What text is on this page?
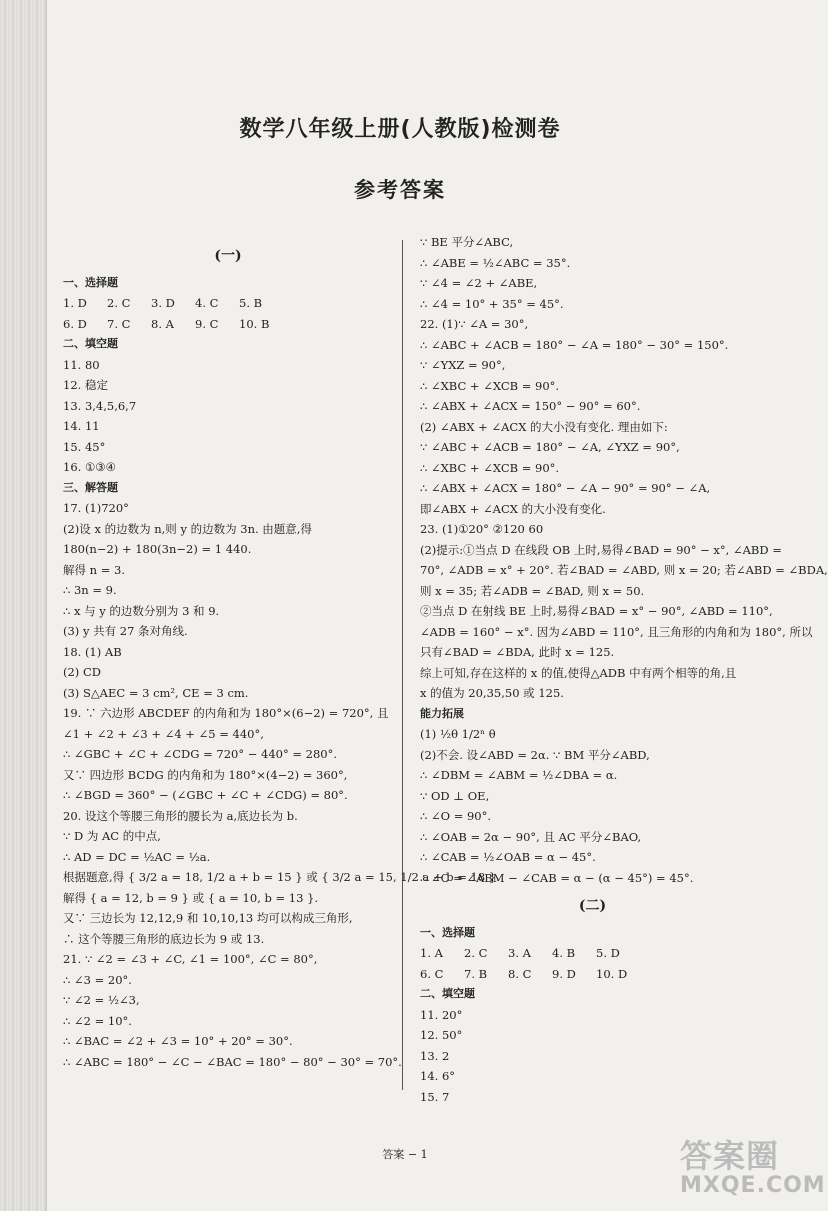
数学八年级上册(人教版)检测卷
参考答案
(一)
一、选择题
1. D	2. C	3. D	4. C	5. B
6. D	7. C	8. A	9. C	10. B
二、填空题
11. 80
12. 稳定
13. 3,4,5,6,7
14. 11
15. 45°
16. ①③④
三、解答题
17. (1)720°
(2)设 x 的边数为 n,则 y 的边数为 3n. 由题意,得
180(n−2) + 180(3n−2) = 1 440.
解得 n = 3.
∴ 3n = 9.
∴ x 与 y 的边数分别为 3 和 9.
(3) y 共有 27 条对角线.
18. (1) AB
(2) CD
(3) S△AEC = 3 cm², CE = 3 cm.
19. ∵ 六边形 ABCDEF 的内角和为 180°×(6−2) = 720°, 且
∠1 + ∠2 + ∠3 + ∠4 + ∠5 = 440°,
∴ ∠GBC + ∠C + ∠CDG = 720° − 440° = 280°.
又∵ 四边形 BCDG 的内角和为 180°×(4−2) = 360°,
∴ ∠BGD = 360° − (∠GBC + ∠C + ∠CDG) = 80°.
20. 设这个等腰三角形的腰长为 a,底边长为 b.
∵ D 为 AC 的中点,
∴ AD = DC = ½AC = ½a.
根据题意,得 { 3/2 a = 18, 1/2 a + b = 15 } 或 { 3/2 a = 15, 1/2 a + b = 18 }.
解得 { a = 12, b = 9 } 或 { a = 10, b = 13 }.
又∵ 三边长为 12,12,9 和 10,10,13 均可以构成三角形,
∴ 这个等腰三角形的底边长为 9 或 13.
21. ∵ ∠2 = ∠3 + ∠C, ∠1 = 100°, ∠C = 80°,
∴ ∠3 = 20°.
∵ ∠2 = ½∠3,
∴ ∠2 = 10°.
∴ ∠BAC = ∠2 + ∠3 = 10° + 20° = 30°.
∴ ∠ABC = 180° − ∠C − ∠BAC = 180° − 80° − 30° = 70°.
∵ BE 平分∠ABC,
∴ ∠ABE = ½∠ABC = 35°.
∵ ∠4 = ∠2 + ∠ABE,
∴ ∠4 = 10° + 35° = 45°.
22. (1)∵ ∠A = 30°,
∴ ∠ABC + ∠ACB = 180° − ∠A = 180° − 30° = 150°.
∵ ∠YXZ = 90°,
∴ ∠XBC + ∠XCB = 90°.
∴ ∠ABX + ∠ACX = 150° − 90° = 60°.
(2) ∠ABX + ∠ACX 的大小没有变化. 理由如下:
∵ ∠ABC + ∠ACB = 180° − ∠A, ∠YXZ = 90°,
∴ ∠XBC + ∠XCB = 90°.
∴ ∠ABX + ∠ACX = 180° − ∠A − 90° = 90° − ∠A,
即∠ABX + ∠ACX 的大小没有变化.
23. (1)①20° ②120 60
(2)提示:①当点 D 在线段 OB 上时,易得∠BAD = 90° − x°, ∠ABD =
70°, ∠ADB = x° + 20°. 若∠BAD = ∠ABD, 则 x = 20; 若∠ABD = ∠BDA,
则 x = 35; 若∠ADB = ∠BAD, 则 x = 50.
②当点 D 在射线 BE 上时,易得∠BAD = x° − 90°, ∠ABD = 110°,
∠ADB = 160° − x°. 因为∠ABD = 110°, 且三角形的内角和为 180°, 所以
只有∠BAD = ∠BDA, 此时 x = 125.
综上可知,存在这样的 x 的值,使得△ADB 中有两个相等的角,且
x 的值为 20,35,50 或 125.
能力拓展
(1) ½θ 1/2ⁿ θ
(2)不会. 设∠ABD = 2α. ∵ BM 平分∠ABD,
∴ ∠DBM = ∠ABM = ½∠DBA = α.
∵ OD ⊥ OE,
∴ ∠O = 90°.
∴ ∠OAB = 2α − 90°, 且 AC 平分∠BAO,
∴ ∠CAB = ½∠OAB = α − 45°.
∴ ∠C = ∠ABM − ∠CAB = α − (α − 45°) = 45°.
(二)
一、选择题
1. A	2. C	3. A	4. B	5. D
6. C	7. B	8. C	9. D	10. D
二、填空题
11. 20°
12. 50°
13. 2
14. 6°
15. 7
答案 − 1	答案圈
MXQE.COM
